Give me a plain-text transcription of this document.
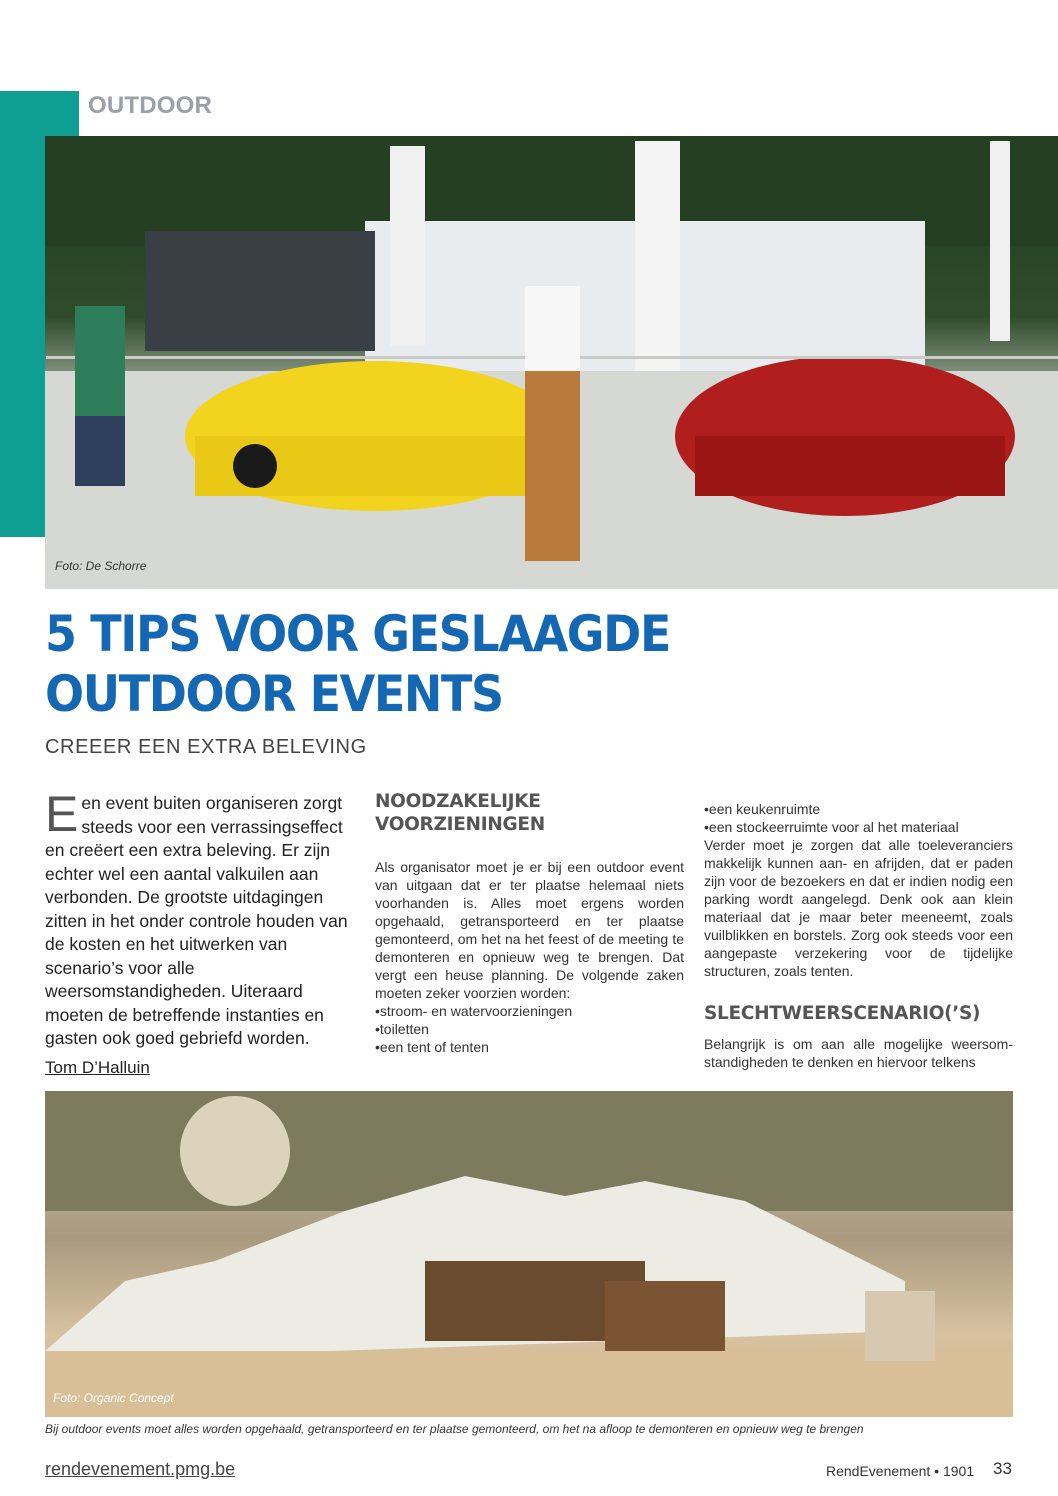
OUTDOOR
Foto: De Schorre
5 TIPS VOOR GESLAAGDE OUTDOOR EVENTS
CREEER EEN EXTRA BELEVING
Een event buiten organiseren zorgt steeds voor een verrassingseffect en creëert een extra beleving. Er zijn echter wel een aantal valkuilen aan verbonden. De grootste uitdagingen zitten in het onder controle houden van de kosten en het uitwerken van scenario’s voor alle weersomstandigheden. Uiteraard moeten de betreffende instanties en gasten ook goed gebriefd worden.
Tom D’Halluin
NOODZAKELIJKE VOORZIENINGEN

Als organisator moet je er bij een outdoor event van uitgaan dat er ter plaatse helemaal niets voorhanden is. Alles moet ergens worden opgehaald, getransporteerd en ter plaatse gemonteerd, om het na het feest of de meeting te demonteren en opnieuw weg te brengen. Dat vergt een heuse planning. De volgende zaken moeten zeker voorzien worden:

• stroom- en watervoorzieningen
• toiletten
• een tent of tenten
• een keukenruimte
• een stockeerruimte voor al het materiaal

Verder moet je zorgen dat alle toeleveranciers makkelijk kunnen aan- en afrijden, dat er paden zijn voor de bezoekers en dat er indien nodig een parking wordt aangelegd. Denk ook aan klein materiaal dat je maar beter meeneemt, zoals vuilblikken en borstels. Zorg ook steeds voor een aangepaste verzekering voor de tijdelijke structuren, zoals tenten.

SLECHTWEERSCENARIO(’S)

Belangrijk is om aan alle mogelijke weersom-standigheden te denken en hiervoor telkens

Foto: Organic Concept
Bij outdoor events moet alles worden opgehaald, getransporteerd en ter plaatse gemonteerd, om het na afloop te demonteren en opnieuw weg te brengen
rendevenement.pmg.be	RendEvenement • 1901 33
